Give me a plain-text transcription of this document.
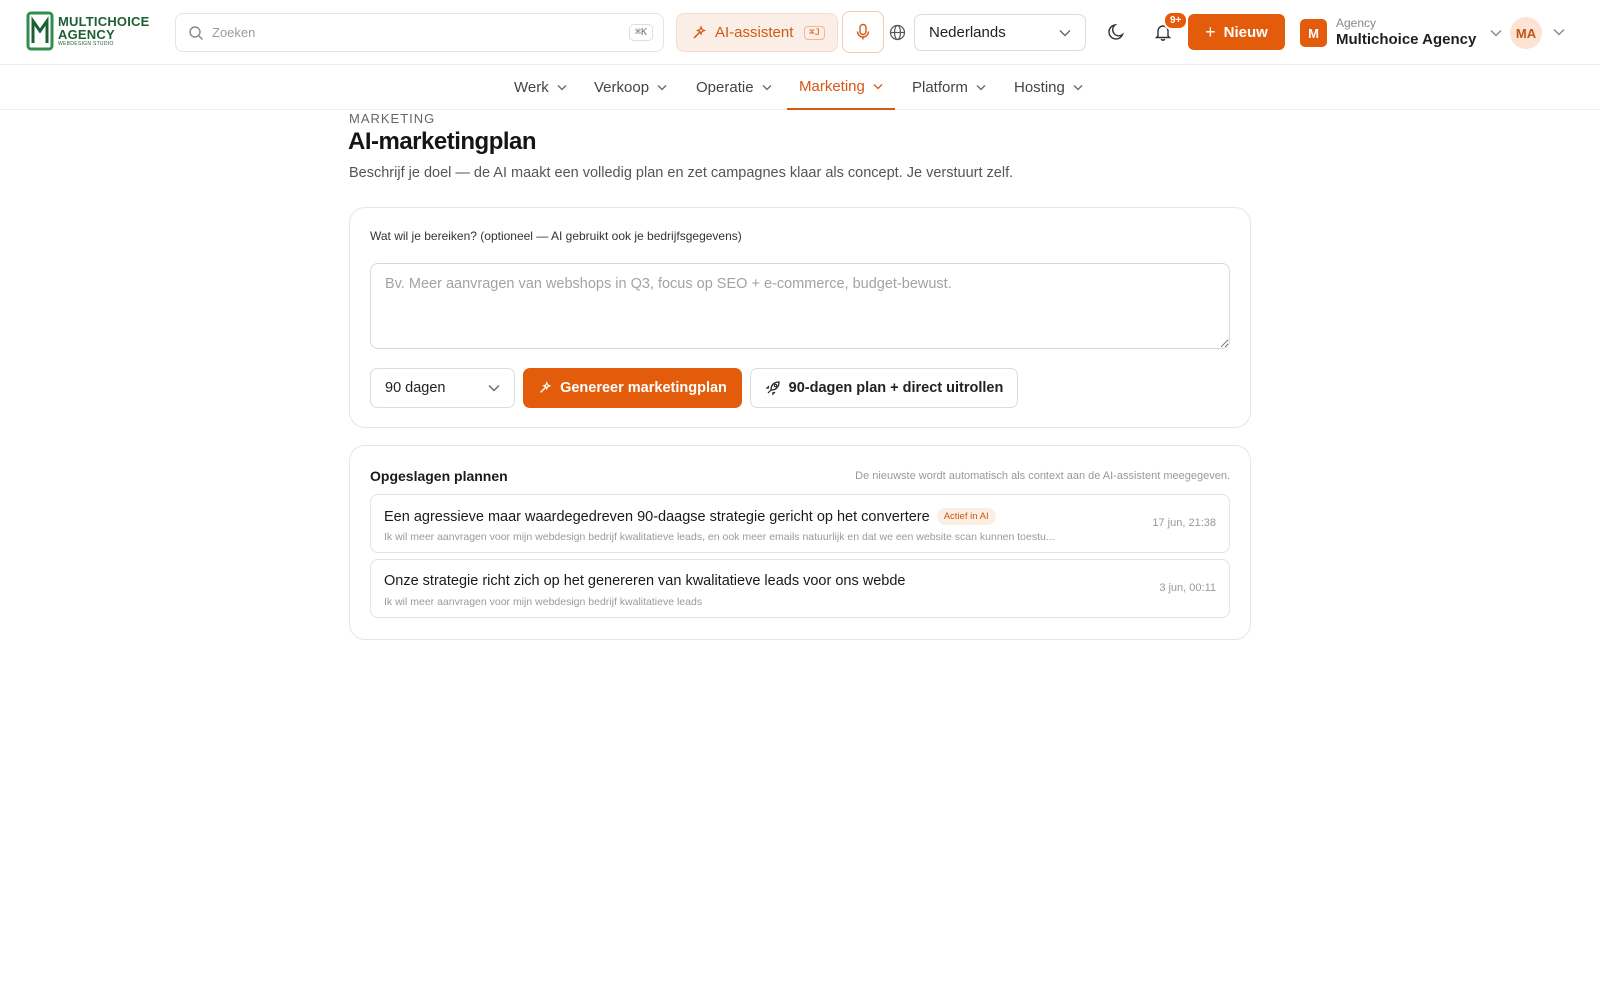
MULTICHOICE
AGENCY
WEBDESIGN STUDIO
Zoeken
⌘K	AI-assistent	⌘J	Nederlands
9+
+ Nieuw	M
Agency
Multichoice Agency	MA
Werk	Verkoop	Operatie	Marketing	Platform	Hosting
MARKETING
AI-marketingplan

Beschrijf je doel — de AI maakt een volledig plan en zet campagnes klaar als concept. Je verstuurt zelf.

Wat wil je bereiken? (optioneel — AI gebruikt ook je bedrijfsgegevens)
Bv. Meer aanvragen van webshops in Q3, focus op SEO + e-commerce, budget-bewust.
90 dagen	Genereer marketingplan	90-dagen plan + direct uitrollen
Opgeslagen plannen	De nieuwste wordt automatisch als context aan de AI-assistent meegegeven.
Een agressieve maar waardegedreven 90-daagse strategie gericht op het convertere	Actief in AI
Ik wil meer aanvragen voor mijn webdesign bedrijf kwalitatieve leads, en ook meer emails natuurlijk en dat we een website scan kunnen toestu...
17 jun, 21:38
Onze strategie richt zich op het genereren van kwalitatieve leads voor ons webde
Ik wil meer aanvragen voor mijn webdesign bedrijf kwalitatieve leads
3 jun, 00:11
